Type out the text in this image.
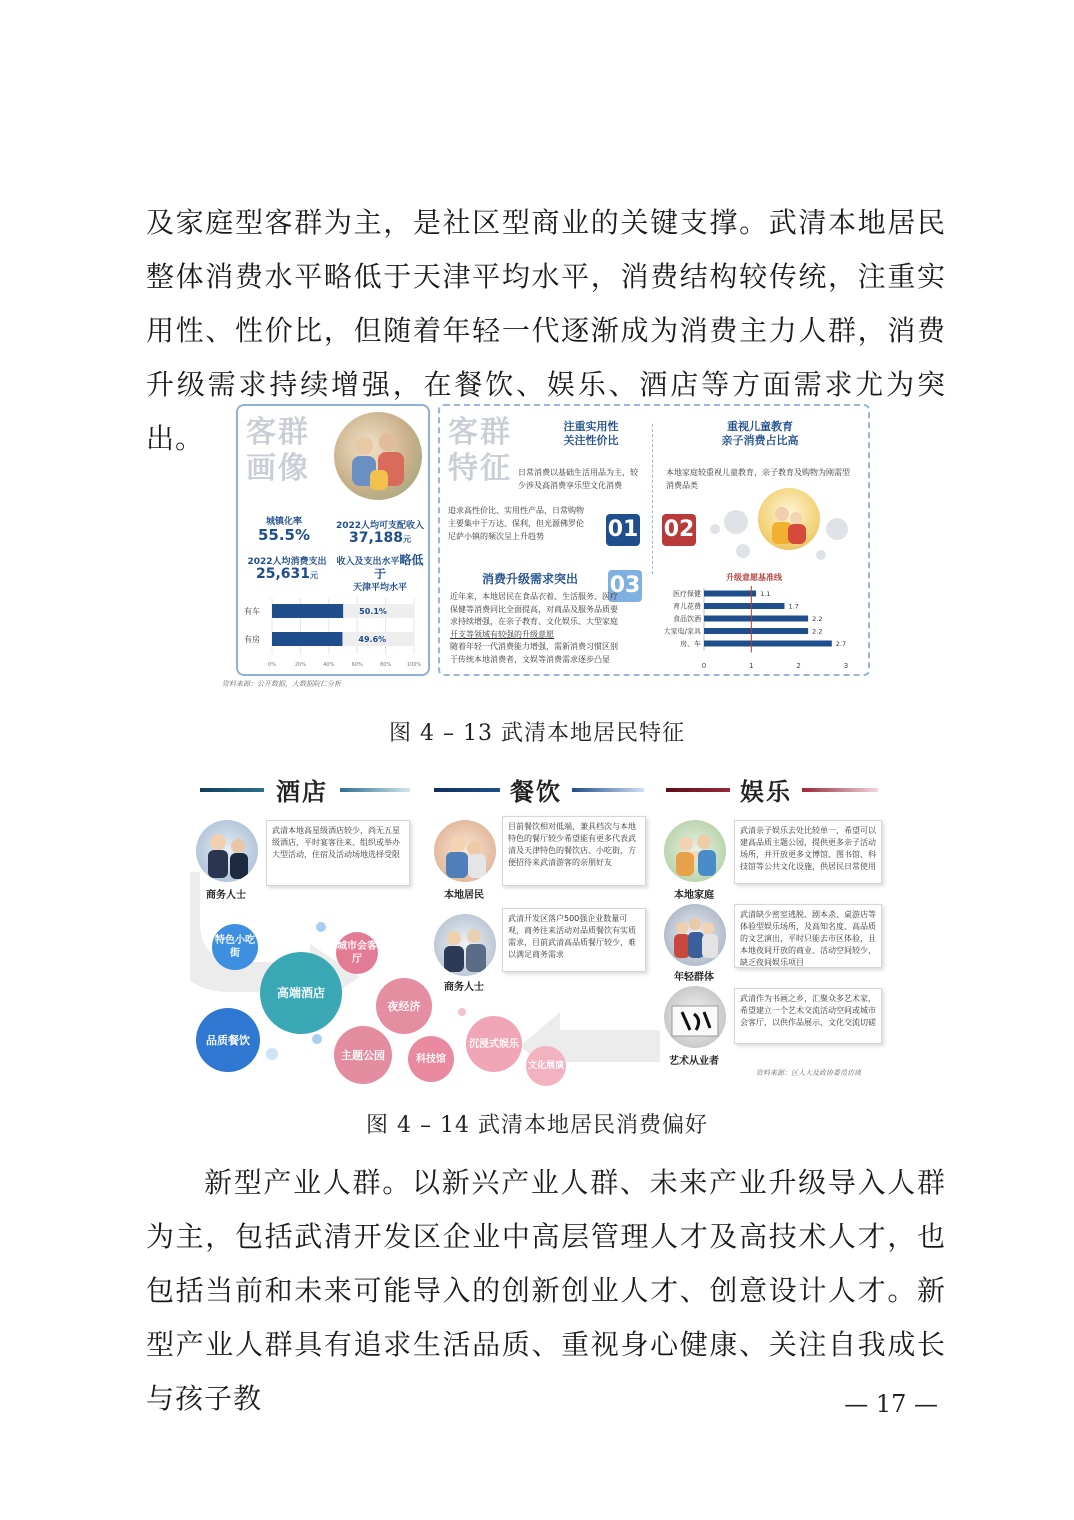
及家庭型客群为主，是社区型商业的关键支撑。武清本地居民整体消费水平略低于天津平均水平，消费结构较传统，注重实用性、性价比，但随着年轻一代逐渐成为消费主力人群，消费升级需求持续增强，在餐饮、娱乐、酒店等方面需求尤为突出。	客群
画像
城镇化率
55.5%	2022人均可支配收入
37,188元
2022人均消费支出
25,631元
收入及支出水平略低于
天津平均水平
0%	20%	40%	60%	80%	100%
有车	50.1%
有房	49.6%
资料来源：公开数据，大数据院仁分析
客群
特征
注重实用性
关注性价比
重视儿童教育
亲子消费占比高
日常消费以基础生活用品为主，较
少涉及高消费享乐型文化消费
追求高性价比、实用性产品，日常购物
主要集中于万达、保利，但光源佛罗伦
尼萨小镇的频次呈上升趋势
本地家庭较重视儿童教育，亲子教育及购物为刚需型
消费品类
01 02
03
消费升级需求突出
近年来，本地居民在食品衣着、生活服务、医疗
保健等消费同比全面提高，对商品及服务品质要
求持续增强，在亲子教育、文化娱乐、大型家庭
开支等领域有较强的升级意愿
随着年轻一代消费能力增强，需新消费习惯区别
于传统本地消费者，文娱等消费需求逐步凸显
升级意愿基准线
0	1	2	3
医疗保健	1.1
育儿花费	1.7
食品饮酒	2.2
大家电/家具	2.2
房、车	2.7
图 4 – 13 武清本地居民特征
酒店	餐饮	娱乐
商务人士
武清本地高星级酒店较少，尚无五星级酒店，平时宴客往来、组织或举办大型活动，住宿及活动场地选择受限
本地居民
目前餐饮相对低端，兼具档次与本地特色的餐厅较少希望能有更多代表武清及天津特色的餐饮店、小吃街，方便招待来武清游客的亲朋好友
商务人士
武清开发区落户500强企业数量可观，商务往来活动对品质餐饮有实质需求，目前武清高品质餐厅较少，难以满足商务需求
本地家庭
武清亲子娱乐去处比较单一，希望可以建高品质主题公园，提供更多亲子活动场所，并开放更多文博馆、图书馆、科技馆等公共文化设施，供居民日常使用
年轻群体
武清缺少密室逃脱、剧本杀、桌游店等体验型娱乐场所，及高知名度、高品质的文艺演出，平时只能去市区体验，且本地夜间开放的商业、活动空间较少，缺乏夜间娱乐项目
艺术从业者
武清作为书画之乡，汇聚众多艺术家，希望建立一个艺术交流活动空间或城市会客厅，以供作品展示、文化交流切磋
资料来源：区人大及政协委员访谈
特色小吃街
城市会客厅
高端酒店
夜经济
品质餐饮
主题公园	科技馆
沉浸式娱乐
文化展演
图 4 – 14 武清本地居民消费偏好

新型产业人群。以新兴产业人群、未来产业升级导入人群为主，包括武清开发区企业中高层管理人才及高技术人才，也包括当前和未来可能导入的创新创业人才、创意设计人才。新型产业人群具有追求生活品质、重视身心健康、关注自我成长与孩子教	— 17 —
